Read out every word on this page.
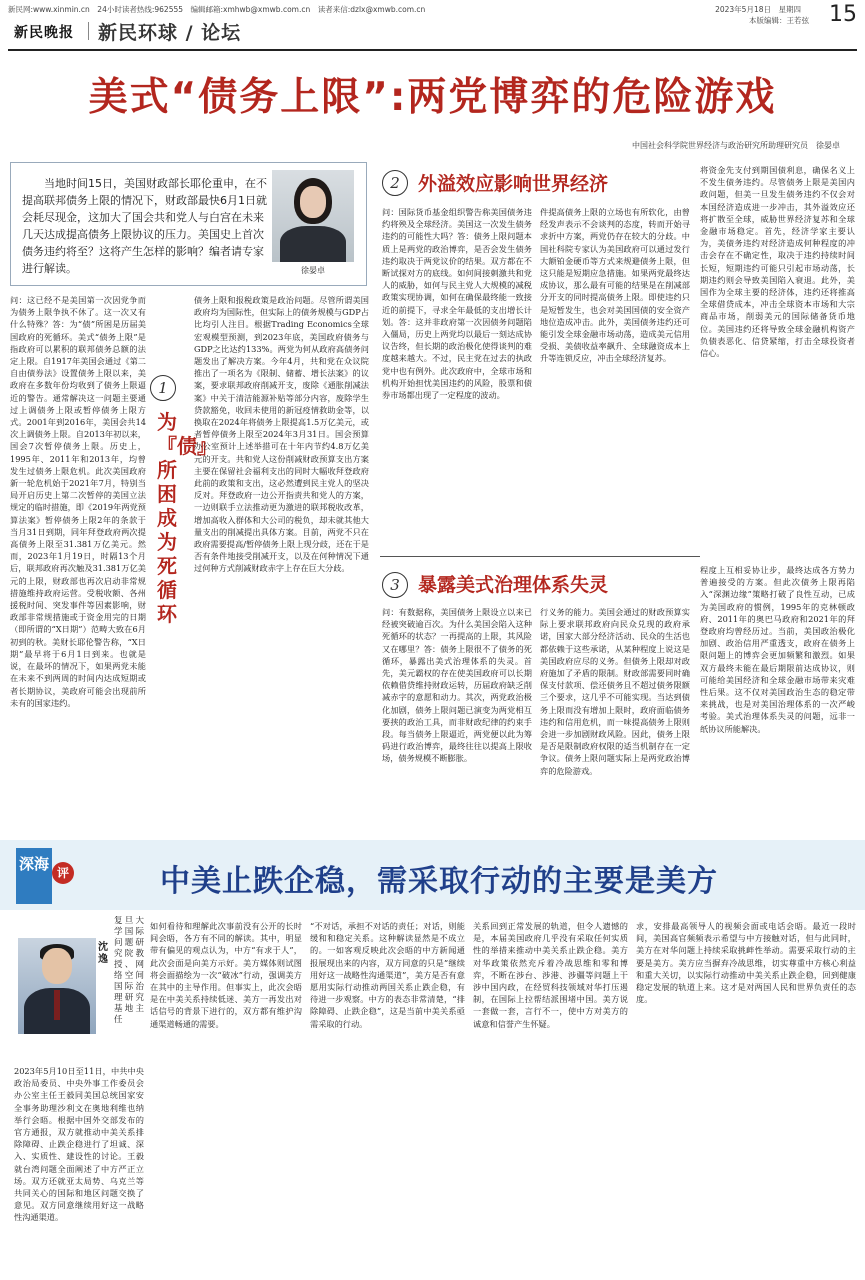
新民网:www.xinmin.cn　24小时读者热线:962555　编辑邮箱:xmhwb@xmwb.com.cn　读者来信:dzlx@xmwb.com.cn	2023年5月18日　星期四
本版编辑：王若弦 15
新民晚报 新民环球 / 论坛
美式“债务上限”:两党博弈的危险游戏
中国社会科学院世界经济与政治研究所助理研究员　徐晏卓
当地时间15日，美国财政部长耶伦重申，在不提高联邦债务上限的情况下，财政部最快6月1日就会耗尽现金，这加大了国会共和党人与白宫在未来几天达成提高债务上限协议的压力。美国史上首次债务违约将至？这将产生怎样的影响？编者请专家进行解读。	徐晏卓
1
为『债』所困成为死循环
问：这已经不是美国第一次因党争而为债务上限争执不休了。这一次又有什么特殊？答：为“债”所困是历届美国政府的死循环。美式“债务上限”是指政府可以累积的联邦债务总额的法定上限。自1917年美国会通过《第二自由债券法》设置债务上限以来，美政府在多数年份均收到了债务上限逼近的警告。通常解决这一问题主要通过上调债务上限或暂停债务上限方式。2001年到2016年，美国会共14次上调债务上限。自2013年初以来，国会7次暂停债务上限。历史上，1995年、2011年和2013年，均曾发生过债务上限危机。此次美国政府新一轮危机始于2021年7月，特别当局开启历史上第二次暂停的美国立法规定的临时措施，即《2019年两党预算法案》暂停债务上限2年的条款于当月31日到期，同年拜登政府两次提高债务上限至31.381万亿美元。然而，2023年1月19日，时隔13个月后，联邦政府再次触及31.381万亿美元的上限，财政部也再次启动非常规措施维持政府运营。受税收额、各州援税时间、突发事件等因素影响，财政部非常规措施或于资金用完的日期（即所谓的“X日期”）范畴大致在6月初到的秋。美财长耶伦警告称，“X日期”最早将于6月1日到来。也就是说，在最坏的情况下，如果两党未能在未来不到两周的时间内达成短期或者长期协议，美政府可能会出现前所未有的国家违约。
债务上限和报税政策是政治问题。尽管所谓美国政府均为国际性，但实际上的债务规模与GDP占比均引人注目。根据Trading Economics全球宏观模型预测，到2023年底，美国政府债务与GDP之比达约133%。两党为何从政府高债务问题发出了解决方案。今年4月，共和党在众议院推出了一项名为《限制、储蓄、增长法案》的议案，要求联邦政府削减开支，废除《通胀削减法案》中关于清洁能源补贴等部分内容，废除学生贷款豁免，收回未使用的新冠疫情救助金等，以换取在2024年将债务上限提高1.5万亿美元，或者暂停债务上限至2024年3月31日。国会预算办公室预计上述举措可在十年内节约4.8万亿美元的开支。共和党人这份削减财政预算支出方案主要在保留社会福利支出的同时大幅收拜登政府此前的政策和支出，这必然遭到民主党人的坚决反对。拜登政府一边公开指责共和党人的方案，一边则联手立法推动更为激进的联邦税收改革，增加高收入群体和大公司的税负，却未就其他大量支出的削减提出具体方案。目前，两党不只在政府需要提高/暂停债务上限上现分歧，还在于是否有条件地接受削减开支，以及在何种情况下通过何种方式削减财政赤字上存在巨大分歧。
2 外溢效应影响世界经济
问：国际货币基金组织警告称美国债务违约将殃及全球经济。美国这一次发生债务违约的可能性大吗？答：债务上限问题本质上是两党的政治博弈，是否会发生债务违约取决于两党议价的结果。双方都在不断试探对方的底线。如何间接刺激共和党人的威胁，如何与民主党人大规模的减税政策实现协调，如何在确保最终能一致接近的前提下，寻求全年最低的支出增长计划。答：这并非政府第一次因债务问题陷入僵局，历史上两党均以最后一刻达成协议告终，但长期的政治极化使得谈判的难度越来越大。不过，民主党在过去的执政党中也有例外。此次政府中，全球市场和机构开始担忧美国违约的风险，股票和债券市场都出现了一定程度的波动。
件提高债务上限的立场也有所软化，由曾经发声表示不会谈判的态度，转而开始寻求折中方案，两党仍存在较大的分歧。中国社科院专家认为美国政府可以通过发行大额铂金硬币等方式来规避债务上限，但这只能是短期应急措施。如果两党最终达成协议，那么最有可能的结果是在削减部分开支的同时提高债务上限。即使违约只是短暂发生，也会对美国国债的安全资产地位造成冲击。此外，美国债务违约还可能引发全球金融市场动荡，造成美元信用受损、美债收益率飙升、全球融资成本上升等连锁反应，冲击全球经济复苏。
将资金先支付到期国债利息，确保名义上不发生债务违约。尽管债务上限是美国内政问题，但美一旦发生债务违约不仅会对本国经济造成进一步冲击，其外溢效应还将扩散至全球，威胁世界经济复苏和全球金融市场稳定。首先，经济学家主要认为，美债务违约对经济造成何种程度的冲击会存在不确定性，取决于违约持续时间长短，短期违约可能只引起市场动荡，长期违约则会导致美国陷入衰退。此外，美国作为全球主要的经济体，违约还将推高全球借贷成本，冲击全球资本市场和大宗商品市场，削弱美元的国际储备货币地位。美国违约还将导致全球金融机构资产负债表恶化、信贷紧缩，打击全球投资者信心。
3 暴露美式治理体系失灵
问：有数据称，美国债务上限设立以来已经被突破逾百次。为什么美国会陷入这种死循环的状态？一再提高的上限，其风险又在哪里？答：债务上限很不了债务的死循环，暴露出美式治理体系的失灵。首先，美元霸权的存在使美国政府可以长期依赖借贷维持财政运转，历届政府缺乏削减赤字的意愿和动力。其次，两党政治极化加剧，债务上限问题已演变为两党相互要挟的政治工具，而非财政纪律的约束手段。每当债务上限逼近，两党便以此为筹码进行政治博弈，最终往往以提高上限收场，债务规模不断膨胀。
行义务的能力。美国会通过的财政预算实际上要求联邦政府向民众兑现的政府承诺，国家大部分经济活动、民众的生活也都依赖于这些承诺，从某种程度上说这是美国政府应尽的义务。但债务上限却对政府施加了矛盾的限制。财政部需要同时确保支付款项、偿还债务且不超过债务限额三个要求，这几乎不可能实现。当达到债务上限而没有增加上限时，政府面临债务违约和信用危机，而一味提高债务上限则会进一步加剧财政风险。因此，债务上限是否是限制政府权限的适当机制存在一定争议。债务上限问题实际上是两党政治博弈的危险游戏。
程度上互相妥协让步，最终达成各方势力普遍接受的方案。但此次债务上限再陷入“深渊边缘”策略打破了良性互动，已成为美国政府的惯例，1995年的克林顿政府、2011年的奥巴马政府和2021年的拜登政府均曾经历过。当前，美国政治极化加剧、政治信用严重透支，政府在债务上限问题上的博弈会更加频繁和激烈。如果双方最终未能在最后期限前达成协议，则可能给美国经济和全球金融市场带来灾难性后果。这不仅对美国政治生态的稳定带来挑战，也是对美国治理体系的一次严峻考验。美式治理体系失灵的问题，远非一纸协议所能解决。
深海 评	中美止跌企稳，需采取行动的主要是美方
沈逸
复旦大学国际问题研究院教授、网络空间国际治理研究基地主任
2023年5月10日至11日，中共中央政治局委员、中央外事工作委员会办公室主任王毅同美国总统国家安全事务助理沙利文在奥地利维也纳举行会晤。根据中国外交部发布的官方通报，双方就推动中美关系排除障碍、止跌企稳进行了坦诚、深入、实质性、建设性的讨论。王毅就台湾问题全面阐述了中方严正立场。双方还就亚太局势、乌克兰等共同关心的国际和地区问题交换了意见。双方同意继续用好这一战略性沟通渠道。
如何看待和理解此次事前没有公开的长时间会晤，各方有不同的解读。其中，明显带有偏见的观点认为，中方“有求于人”，此次会面是向美方示好。美方媒体则试图将会面描绘为一次“破冰”行动，强调美方在其中的主导作用。但事实上，此次会晤是在中美关系持续低迷、美方一再发出对话信号的背景下进行的，双方都有维护沟通渠道畅通的需要。
“不对话，承担不对话的责任；对话，则能缓和和稳定关系。这种解读显然是不成立的。一如客观反映此次会晤的中方新闻通报展现出来的内容，双方同意的只是”继续用好这一战略性沟通渠道”，美方是否有意愿用实际行动推动两国关系止跌企稳，有待进一步观察。中方的表态非常清楚，“排除障碍、止跌企稳”，这是当前中美关系亟需采取的行动。
关系回到正常发展的轨道，但令人遗憾的是，本届美国政府几乎没有采取任何实质性的举措来推动中美关系止跌企稳。美方对华政策依然充斥着冷战思维和零和博弈，不断在涉台、涉港、涉疆等问题上干涉中国内政，在经贸科技领域对华打压遏制，在国际上拉帮结派围堵中国。美方说一套做一套，言行不一，使中方对美方的诚意和信誉产生怀疑。
求，安排最高领导人的视频会面或电话会晤。最近一段时间，美国高官频频表示希望与中方接触对话，但与此同时，美方在对华问题上持续采取挑衅性举动。需要采取行动的主要是美方。美方应当摒弃冷战思维，切实尊重中方核心利益和重大关切，以实际行动推动中美关系止跌企稳，回到健康稳定发展的轨道上来。这才是对两国人民和世界负责任的态度。
